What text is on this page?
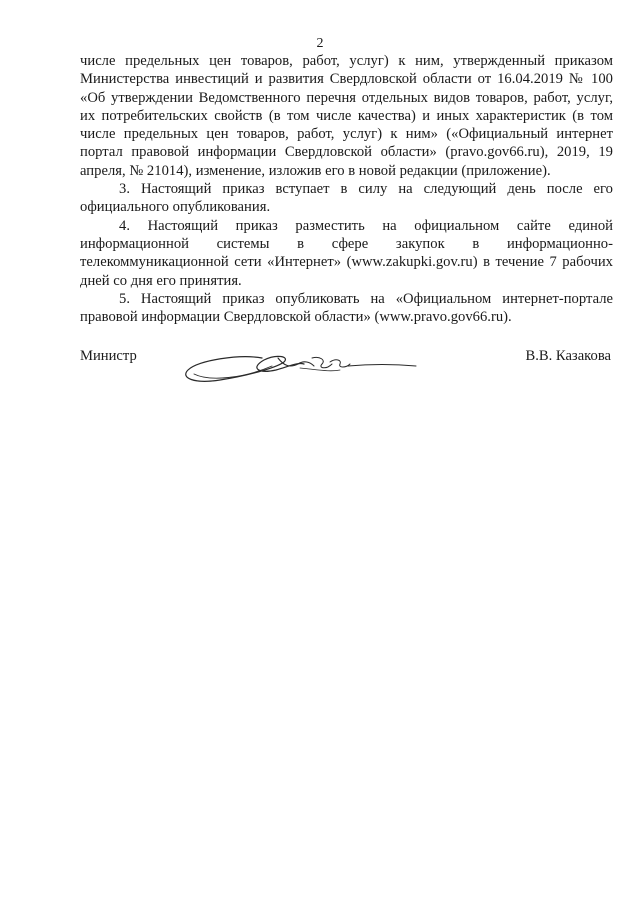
2

числе предельных цен товаров, работ, услуг) к ним, утвержденный приказом Министерства инвестиций и развития Свердловской области от 16.04.2019 № 100 «Об утверждении Ведомственного перечня отдельных видов товаров, работ, услуг, их потребительских свойств (в том числе качества) и иных характеристик (в том числе предельных цен товаров, работ, услуг) к ним» («Официальный интернет портал правовой информации Свердловской области» (pravo.gov66.ru), 2019, 19 апреля, № 21014), изменение, изложив его в новой редакции (приложение).

3. Настоящий приказ вступает в силу на следующий день после его официального опубликования.

4. Настоящий приказ разместить на официальном сайте единой информационной системы в сфере закупок в информационно-телекоммуникационной сети «Интернет» (www.zakupki.gov.ru) в течение 7 рабочих дней со дня его принятия.

5. Настоящий приказ опубликовать на «Официальном интернет-портале правовой информации Свердловской области» (www.pravo.gov66.ru).

Министр	В.В. Казакова
